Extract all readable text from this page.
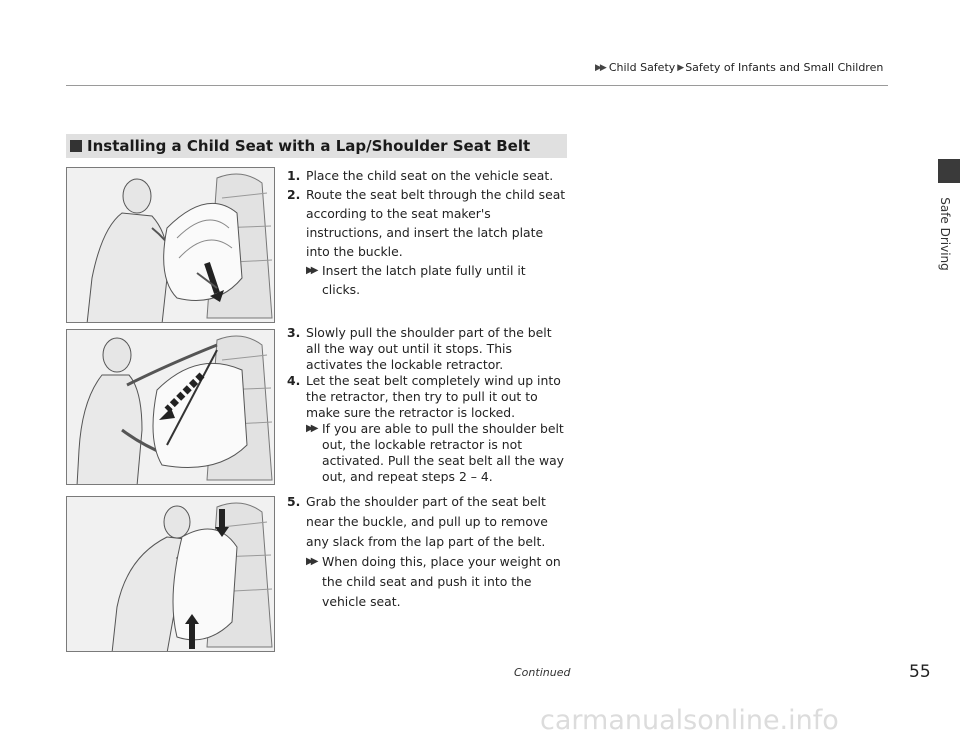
▶▶ Child Safety ▶ Safety of Infants and Small Children
Safe Driving
Installing a Child Seat with a Lap/Shoulder Seat Belt
1. Place the child seat on the vehicle seat.
2. Route the seat belt through the child seat according to the seat maker's instructions, and insert the latch plate into the buckle.
▶▶ Insert the latch plate fully until it clicks.
3. Slowly pull the shoulder part of the belt all the way out until it stops. This activates the lockable retractor.
4. Let the seat belt completely wind up into the retractor, then try to pull it out to make sure the retractor is locked.
▶▶ If you are able to pull the shoulder belt out, the lockable retractor is not activated. Pull the seat belt all the way out, and repeat steps 2 – 4.
5. Grab the shoulder part of the seat belt near the buckle, and pull up to remove any slack from the lap part of the belt.
▶▶ When doing this, place your weight on the child seat and push it into the vehicle seat.
Continued	55
carmanualsonline.info
